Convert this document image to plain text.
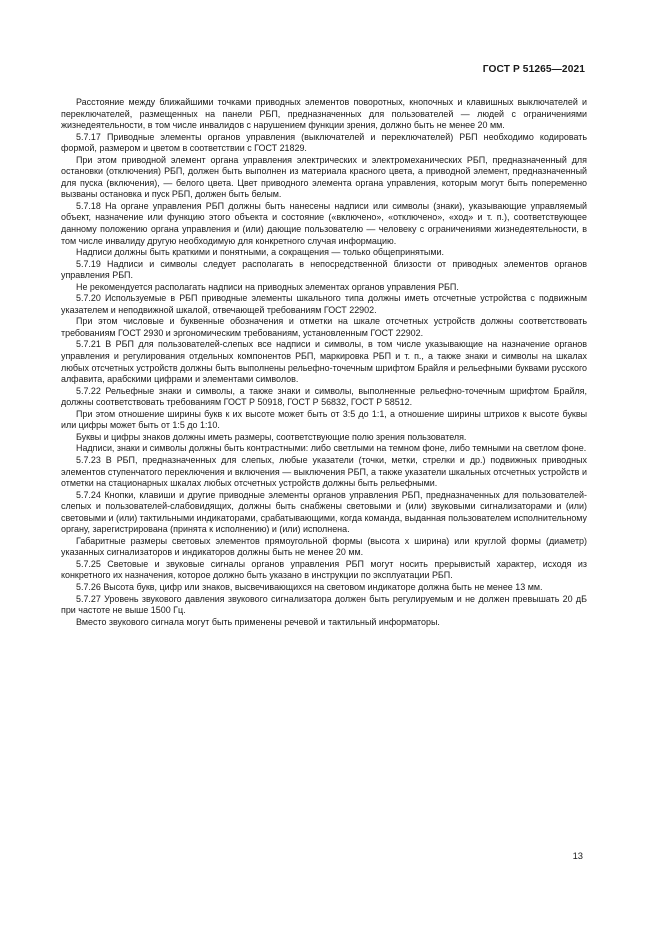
ГОСТ Р 51265—2021

Расстояние между ближайшими точками приводных элементов поворотных, кнопочных и клавишных выключателей и переключателей, размещенных на панели РБП, предназначенных для пользователей — людей с ограничениями жизнедеятельности, в том числе инвалидов с нарушением функции зрения, должно быть не менее 20 мм.

5.7.17 Приводные элементы органов управления (выключателей и переключателей) РБП необходимо кодировать формой, размером и цветом в соответствии с ГОСТ 21829.

При этом приводной элемент органа управления электрических и электромеханических РБП, предназначенный для остановки (отключения) РБП, должен быть выполнен из материала красного цвета, а приводной элемент, предназначенный для пуска (включения), — белого цвета. Цвет приводного элемента органа управления, которым могут быть попеременно вызваны остановка и пуск РБП, должен быть белым.

5.7.18 На органе управления РБП должны быть нанесены надписи или символы (знаки), указывающие управляемый объект, назначение или функцию этого объекта и состояние («включено», «отключено», «ход» и т. п.), соответствующее данному положению органа управления и (или) дающие пользователю — человеку с ограничениями жизнедеятельности, в том числе инвалиду другую необходимую для конкретного случая информацию.

Надписи должны быть краткими и понятными, а сокращения — только общепринятыми.

5.7.19 Надписи и символы следует располагать в непосредственной близости от приводных элементов органов управления РБП.

Не рекомендуется располагать надписи на приводных элементах органов управления РБП.

5.7.20 Используемые в РБП приводные элементы шкального типа должны иметь отсчетные устройства с подвижным указателем и неподвижной шкалой, отвечающей требованиям ГОСТ 22902.

При этом числовые и буквенные обозначения и отметки на шкале отсчетных устройств должны соответствовать требованиям ГОСТ 2930 и эргономическим требованиям, установленным ГОСТ 22902.

5.7.21 В РБП для пользователей-слепых все надписи и символы, в том числе указывающие на назначение органов управления и регулирования отдельных компонентов РБП, маркировка РБП и т. п., а также знаки и символы на шкалах любых отсчетных устройств должны быть выполнены рельефно-точечным шрифтом Брайля и рельефными буквами русского алфавита, арабскими цифрами и элементами символов.

5.7.22 Рельефные знаки и символы, а также знаки и символы, выполненные рельефно-точечным шрифтом Брайля, должны соответствовать требованиям ГОСТ Р 50918, ГОСТ Р 56832, ГОСТ Р 58512.

При этом отношение ширины букв к их высоте может быть от 3:5 до 1:1, а отношение ширины штрихов к высоте буквы или цифры может быть от 1:5 до 1:10.

Буквы и цифры знаков должны иметь размеры, соответствующие полю зрения пользователя.

Надписи, знаки и символы должны быть контрастными: либо светлыми на темном фоне, либо темными на светлом фоне.

5.7.23 В РБП, предназначенных для слепых, любые указатели (точки, метки, стрелки и др.) подвижных приводных элементов ступенчатого переключения и включения — выключения РБП, а также указатели шкальных отсчетных устройств и отметки на стационарных шкалах любых отсчетных устройств должны быть рельефными.

5.7.24 Кнопки, клавиши и другие приводные элементы органов управления РБП, предназначенных для пользователей-слепых и пользователей-слабовидящих, должны быть снабжены световыми и (или) звуковыми сигнализаторами и (или) световыми и (или) тактильными индикаторами, срабатывающими, когда команда, выданная пользователем исполнительному органу, зарегистрирована (принята к исполнению) и (или) исполнена.

Габаритные размеры световых элементов прямоугольной формы (высота х ширина) или круглой формы (диаметр) указанных сигнализаторов и индикаторов должны быть не менее 20 мм.

5.7.25 Световые и звуковые сигналы органов управления РБП могут носить прерывистый характер, исходя из конкретного их назначения, которое должно быть указано в инструкции по эксплуатации РБП.

5.7.26 Высота букв, цифр или знаков, высвечивающихся на световом индикаторе должна быть не менее 13 мм.

5.7.27 Уровень звукового давления звукового сигнализатора должен быть регулируемым и не должен превышать 20 дБ при частоте не выше 1500 Гц.

Вместо звукового сигнала могут быть применены речевой и тактильный информаторы.

13
